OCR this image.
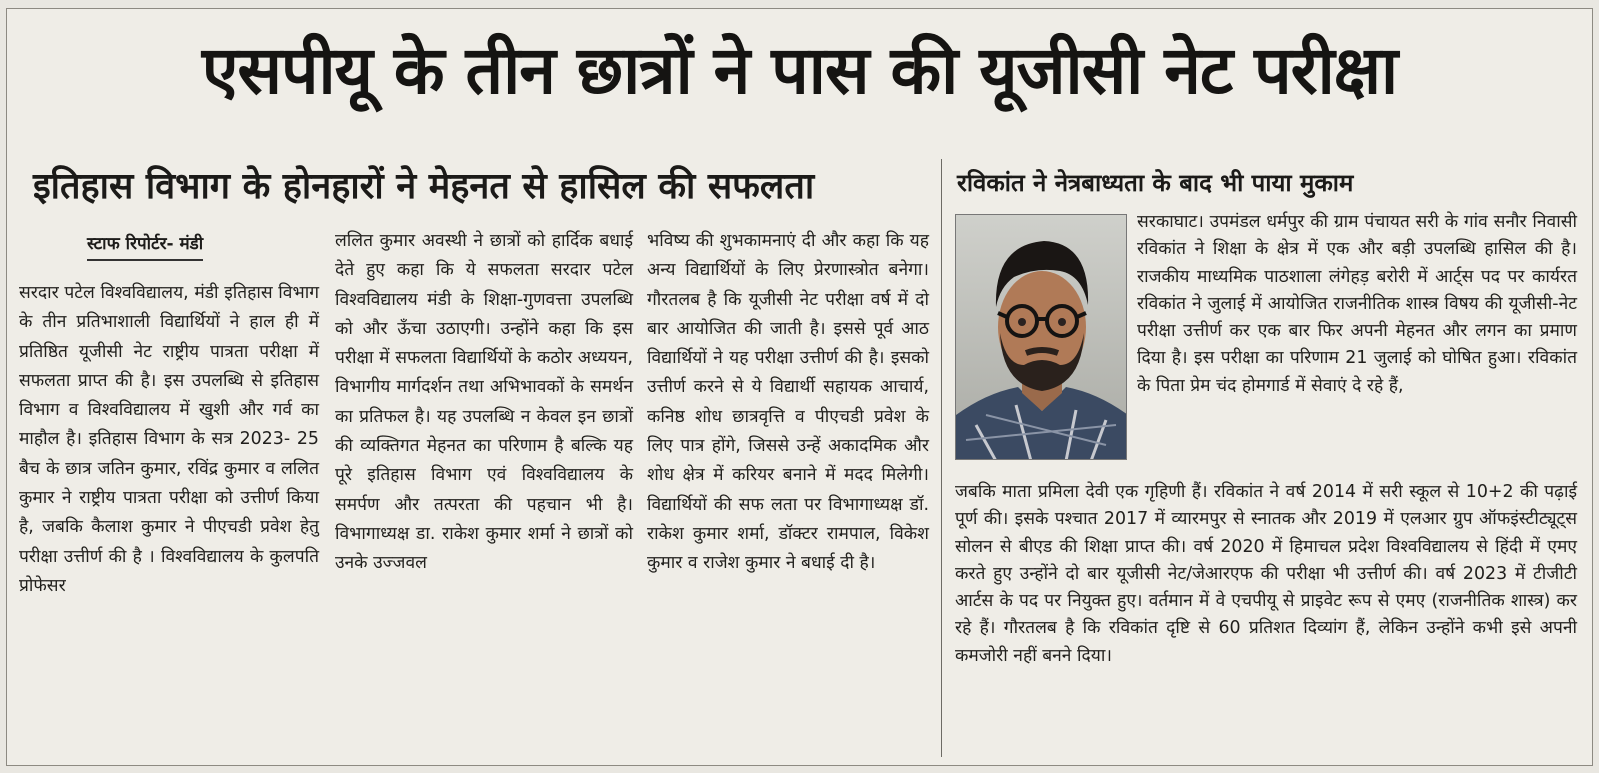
एसपीयू के तीन छात्रों ने पास की यूजीसी नेट परीक्षा
इतिहास विभाग के होनहारों ने मेहनत से हासिल की सफलता
स्टाफ रिपोर्टर- मंडी

सरदार पटेल विश्वविद्यालय, मंडी इतिहास विभाग के तीन प्रतिभाशाली विद्यार्थियों ने हाल ही में प्रतिष्ठित यूजीसी नेट राष्ट्रीय पात्रता परीक्षा में सफलता प्राप्त की है। इस उपलब्धि से इतिहास विभाग व विश्वविद्यालय में खुशी और गर्व का माहौल है। इतिहास विभाग के सत्र 2023- 25 बैच के छात्र जतिन कुमार, रविंद्र कुमार व ललित कुमार ने राष्ट्रीय पात्रता परीक्षा को उत्तीर्ण किया है, जबकि कैलाश कुमार ने पीएचडी प्रवेश हेतु परीक्षा उत्तीर्ण की है । विश्वविद्यालय के कुलपति प्रोफेसर

ललित कुमार अवस्थी ने छात्रों को हार्दिक बधाई देते हुए कहा कि ये सफलता सरदार पटेल विश्वविद्यालय मंडी के शिक्षा-गुणवत्ता उपलब्धि को और ऊँचा उठाएगी। उन्होंने कहा कि इस परीक्षा में सफलता विद्यार्थियों के कठोर अध्ययन, विभागीय मार्गदर्शन तथा अभिभावकों के समर्थन का प्रतिफल है। यह उपलब्धि न केवल इन छात्रों की व्यक्तिगत मेहनत का परिणाम है बल्कि यह पूरे इतिहास विभाग एवं विश्वविद्यालय के समर्पण और तत्परता की पहचान भी है। विभागाध्यक्ष डा. राकेश कुमार शर्मा ने छात्रों को उनके उज्जवल

भविष्य की शुभकामनाएं दी और कहा कि यह अन्य विद्यार्थियों के लिए प्रेरणास्त्रोत बनेगा। गौरतलब है कि यूजीसी नेट परीक्षा वर्ष में दो बार आयोजित की जाती है। इससे पूर्व आठ विद्यार्थियों ने यह परीक्षा उत्तीर्ण की है। इसको उत्तीर्ण करने से ये विद्यार्थी सहायक आचार्य, कनिष्ठ शोध छात्रवृत्ति व पीएचडी प्रवेश के लिए पात्र होंगे, जिससे उन्हें अकादमिक और शोध क्षेत्र में करियर बनाने में मदद मिलेगी। विद्यार्थियों की सफ लता पर विभागाध्यक्ष डॉ. राकेश कुमार शर्मा, डॉक्टर रामपाल, विकेश कुमार व राजेश कुमार ने बधाई दी है।

रविकांत ने नेत्रबाध्यता के बाद भी पाया मुकाम

सरकाघाट। उपमंडल धर्मपुर की ग्राम पंचायत सरी के गांव सनौर निवासी रविकांत ने शिक्षा के क्षेत्र में एक और बड़ी उपलब्धि हासिल की है। राजकीय माध्यमिक पाठशाला लंगेहड़ बरोरी में आर्ट्स पद पर कार्यरत रविकांत ने जुलाई में आयोजित राजनीतिक शास्त्र विषय की यूजीसी-नेट परीक्षा उत्तीर्ण कर एक बार फिर अपनी मेहनत और लगन का प्रमाण दिया है। इस परीक्षा का परिणाम 21 जुलाई को घोषित हुआ। रविकांत के पिता प्रेम चंद होमगार्ड में सेवाएं दे रहे हैं,

जबकि माता प्रमिला देवी एक गृहिणी हैं। रविकांत ने वर्ष 2014 में सरी स्कूल से 10+2 की पढ़ाई पूर्ण की। इसके पश्चात 2017 में व्यारमपुर से स्नातक और 2019 में एलआर ग्रुप ऑफइंस्टीट्यूट्स सोलन से बीएड की शिक्षा प्राप्त की। वर्ष 2020 में हिमाचल प्रदेश विश्वविद्यालय से हिंदी में एमए करते हुए उन्होंने दो बार यूजीसी नेट/जेआरएफ की परीक्षा भी उत्तीर्ण की। वर्ष 2023 में टीजीटी आर्टस के पद पर नियुक्त हुए। वर्तमान में वे एचपीयू से प्राइवेट रूप से एमए (राजनीतिक शास्त्र) कर रहे हैं। गौरतलब है कि रविकांत दृष्टि से 60 प्रतिशत दिव्यांग हैं, लेकिन उन्होंने कभी इसे अपनी कमजोरी नहीं बनने दिया।
